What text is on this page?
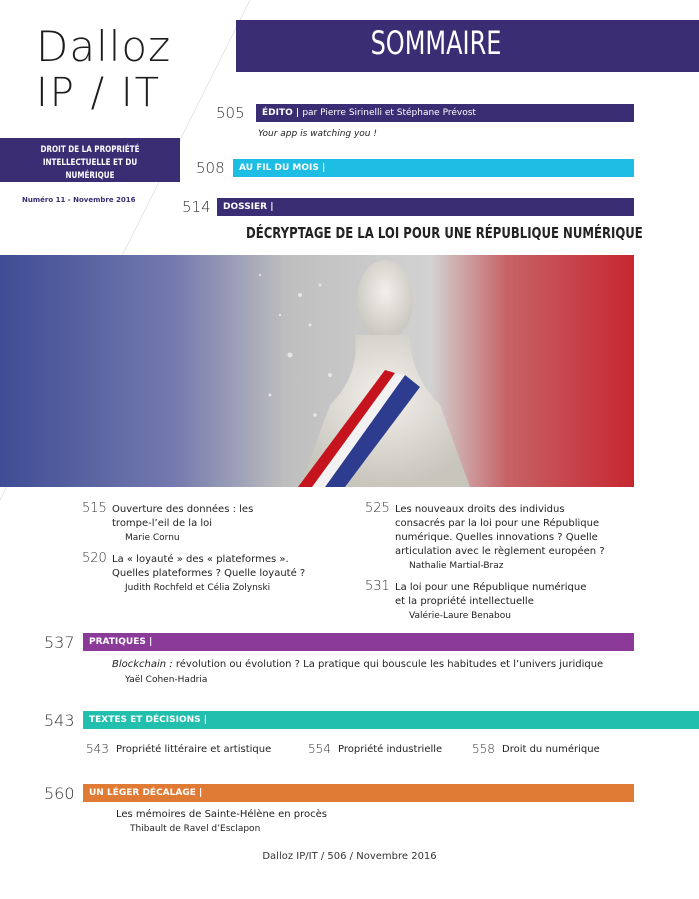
Dalloz
IP / IT
DROIT DE LA PROPRIÉTÉ
INTELLECTUELLE ET DU NUMÉRIQUE
Numéro 11 - Novembre 2016
SOMMAIRE
505	ÉDITO | par Pierre Sirinelli et Stéphane Prévost
Your app is watching you !
508	AU FIL DU MOIS |
514	DOSSIER |
DÉCRYPTAGE DE LA LOI POUR UNE RÉPUBLIQUE NUMÉRIQUE
515 Ouverture des données : les
trompe-l’eil de la loi
Marie Cornu
520 La « loyauté » des « plateformes ».
Quelles plateformes ? Quelle loyauté ?
Judith Rochfeld et Célia Zolynski
525 Les nouveaux droits des individus
consacrés par la loi pour une République
numérique. Quelles innovations ? Quelle
articulation avec le règlement européen ?
Nathalie Martial-Braz
531 La loi pour une République numérique
et la propriété intellectuelle
Valérie-Laure Benabou
537	PRATIQUES |
Blockchain : révolution ou évolution ? La pratique qui bouscule les habitudes et l’univers juridique
Yaël Cohen-Hadria
543	TEXTES ET DÉCISIONS |
543 Propriété littéraire et artistique	554 Propriété industrielle 558 Droit du numérique
560	UN LÉGER DÉCALAGE |
Les mémoires de Sainte-Hélène en procès
Thibault de Ravel d’Esclapon
Dalloz IP/IT / 506 / Novembre 2016
